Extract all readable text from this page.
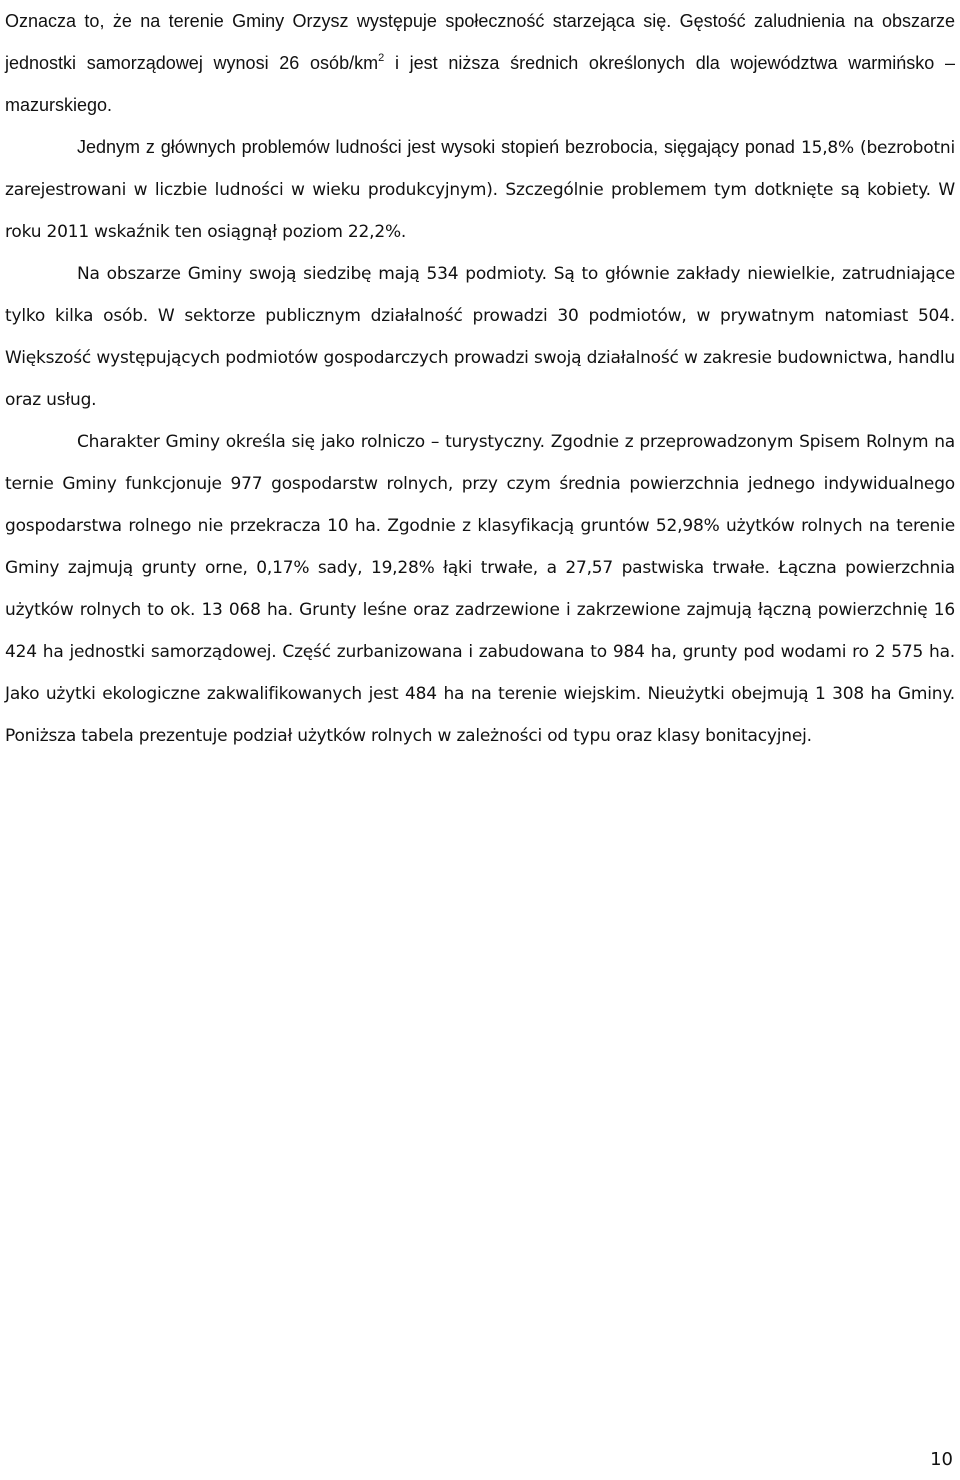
Oznacza to, że na terenie Gminy Orzysz występuje społeczność starzejąca się. Gęstość zaludnienia na obszarze jednostki samorządowej wynosi 26 osób/$km^2$ i jest niższa średnich określonych dla województwa warmińsko – mazurskiego.

Jednym z głównych problemów ludności jest wysoki stopień bezrobocia, sięgający ponad 15,8% (bezrobotni zarejestrowani w liczbie ludności w wieku produkcyjnym). Szczególnie problemem tym dotknięte są kobiety. W roku 2011 wskaźnik ten osiągnął poziom 22,2%.

Na obszarze Gminy swoją siedzibę mają 534 podmioty. Są to głównie zakłady niewielkie, zatrudniające tylko kilka osób. W sektorze publicznym działalność prowadzi 30 podmiotów, w prywatnym natomiast 504. Większość występujących podmiotów gospodarczych prowadzi swoją działalność w zakresie budownictwa, handlu oraz usług.

Charakter Gminy określa się jako rolniczo – turystyczny. Zgodnie z przeprowadzonym Spisem Rolnym na ternie Gminy funkcjonuje 977 gospodarstw rolnych, przy czym średnia powierzchnia jednego indywidualnego gospodarstwa rolnego nie przekracza 10 ha. Zgodnie z klasyfikacją gruntów 52,98% użytków rolnych na terenie Gminy zajmują grunty orne, 0,17% sady, 19,28% łąki trwałe, a 27,57 pastwiska trwałe. Łączna powierzchnia użytków rolnych to ok. 13 068 ha. Grunty leśne oraz zadrzewione i zakrzewione zajmują łączną powierzchnię 16 424 ha jednostki samorządowej. Część zurbanizowana i zabudowana to 984 ha, grunty pod wodami ro 2 575 ha. Jako użytki ekologiczne zakwalifikowanych jest 484 ha na terenie wiejskim. Nieużytki obejmują 1 308 ha Gminy. Poniższa tabela prezentuje podział użytków rolnych w zależności od typu oraz klasy bonitacyjnej.

10
